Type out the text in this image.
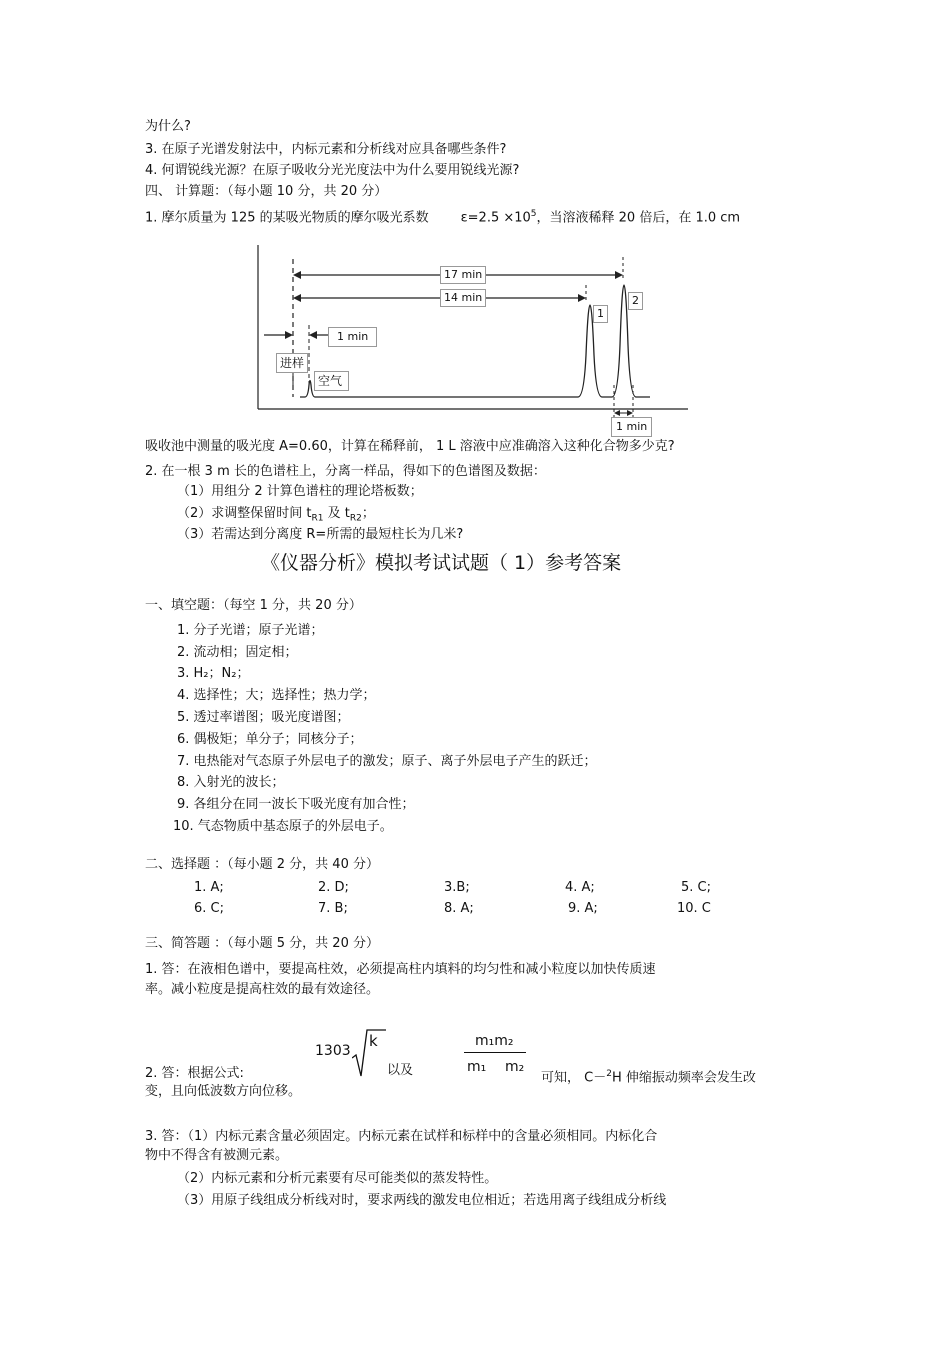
为什么?
3. 在原子光谱发射法中，内标元素和分析线对应具备哪些条件?
4. 何谓锐线光源？在原子吸收分光光度法中为什么要用锐线光源?
四、 计算题：（每小题 10 分，共 20 分）
1. 摩尔质量为 125 的某吸光物质的摩尔吸光系数 $\varepsilon=2.5 \times 10^5$，当溶液稀释 20 倍后，在 1.0 cm
17 min
14 min
1 min
进样
空气
1
2
1 min
吸收池中测量的吸光度 A=0.60，计算在稀释前， 1 L 溶液中应准确溶入这种化合物多少克?
2. 在一根 3 m 长的色谱柱上，分离一样品，得如下的色谱图及数据：
（1）用组分 2 计算色谱柱的理论塔板数；
（2）求调整保留时间 $t_{R1}$ 及 $t_{R2}$；
（3）若需达到分离度 R=所需的最短柱长为几米?
《仪器分析》模拟考试试题（ 1）参考答案
一、填空题：（每空 1 分，共 20 分）
1. 分子光谱；原子光谱；
2. 流动相；固定相；
3. H₂；N₂；
4. 选择性；大；选择性；热力学；
5. 透过率谱图；吸光度谱图；
6. 偶极矩；单分子；同核分子；
7. 电热能对气态原子外层电子的激发；原子、离子外层电子产生的跃迁；
8. 入射光的波长；
9. 各组分在同一波长下吸光度有加合性；
10. 气态物质中基态原子的外层电子。
二、选择题 ：（每小题 2 分，共 40 分）
1. A;	2. D;	3.B;	4. A;	5. C;
6. C;	7. B;	8. A;	9. A;	10. C
三、简答题 ：（每小题 5 分，共 20 分）
1. 答：在液相色谱中，要提高柱效，必须提高柱内填料的均匀性和减小粒度以加快传质速
率。减小粒度是提高柱效的最有效途径。
1303
k	m₁m₂
m₁ m₂
2. 答：根据公式:	以及	可知， C－$^2$H 伸缩振动频率会发生改
变，且向低波数方向位移。
3. 答：（1）内标元素含量必须固定。内标元素在试样和标样中的含量必须相同。内标化合
物中不得含有被测元素。
（2）内标元素和分析元素要有尽可能类似的蒸发特性。
（3）用原子线组成分析线对时，要求两线的激发电位相近；若选用离子线组成分析线
